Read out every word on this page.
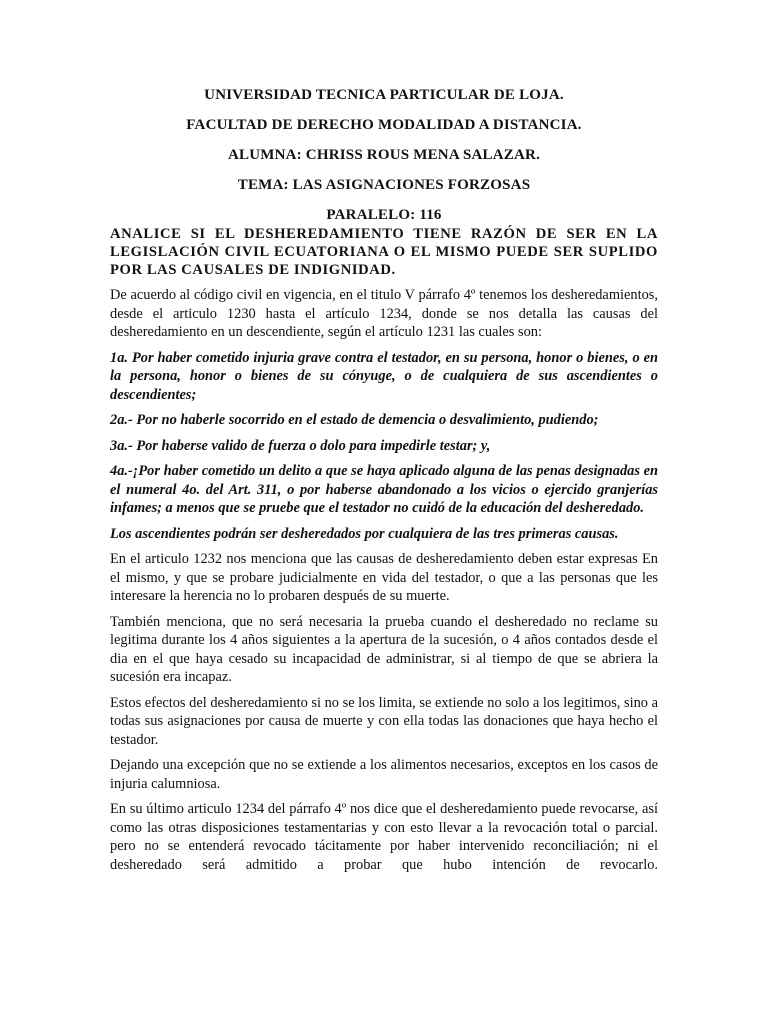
UNIVERSIDAD TECNICA PARTICULAR DE LOJA.
FACULTAD DE DERECHO MODALIDAD A DISTANCIA.
ALUMNA: CHRISS ROUS MENA SALAZAR.
TEMA: LAS ASIGNACIONES FORZOSAS
PARALELO: 116

ANALICE SI EL DESHEREDAMIENTO TIENE RAZÓN DE SER EN LA LEGISLACIÓN CIVIL ECUATORIANA O EL MISMO PUEDE SER SUPLIDO POR LAS CAUSALES DE INDIGNIDAD.

De acuerdo al código civil en vigencia, en el titulo V párrafo 4º tenemos los desheredamientos, desde el articulo 1230 hasta el artículo 1234, donde se nos detalla las causas del desheredamiento en un descendiente, según el artículo 1231 las cuales son:

1a. Por haber cometido injuria grave contra el testador, en su persona, honor o bienes, o en la persona, honor o bienes de su cónyuge, o de cualquiera de sus ascendientes o descendientes;

2a.- Por no haberle socorrido en el estado de demencia o desvalimiento, pudiendo;

3a.- Por haberse valido de fuerza o dolo para impedirle testar; y,

4a.-¡Por haber cometido un delito a que se haya aplicado alguna de las penas designadas en el numeral 4o. del Art. 311, o por haberse abandonado a los vicios o ejercido granjerías infames; a menos que se pruebe que el testador no cuidó de la educación del desheredado.

Los ascendientes podrán ser desheredados por cualquiera de las tres primeras causas.

En el articulo 1232 nos menciona que las causas de desheredamiento deben estar expresas En el mismo, y que se probare judicialmente en vida del testador, o que a las personas que les interesare la herencia no lo probaren después de su muerte.

También menciona, que no será necesaria la prueba cuando el desheredado no reclame su legitima durante los 4 años siguientes a la apertura de la sucesión, o 4 años contados desde el dia en el que haya cesado su incapacidad de administrar, si al tiempo de que se abriera la sucesión era incapaz.

Estos efectos del desheredamiento si no se los limita, se extiende no solo a los legitimos, sino a todas sus asignaciones por causa de muerte y con ella todas las donaciones que haya hecho el testador.

Dejando una excepción que no se extiende a los alimentos necesarios, exceptos en los casos de injuria calumniosa.

En su último articulo 1234 del párrafo 4º nos dice que el desheredamiento puede revocarse, así como las otras disposiciones testamentarias y con esto llevar a la revocación total o parcial. pero no se entenderá revocado tácitamente por haber intervenido reconciliación; ni el desheredado será admitido a probar que hubo intención de revocarlo.
